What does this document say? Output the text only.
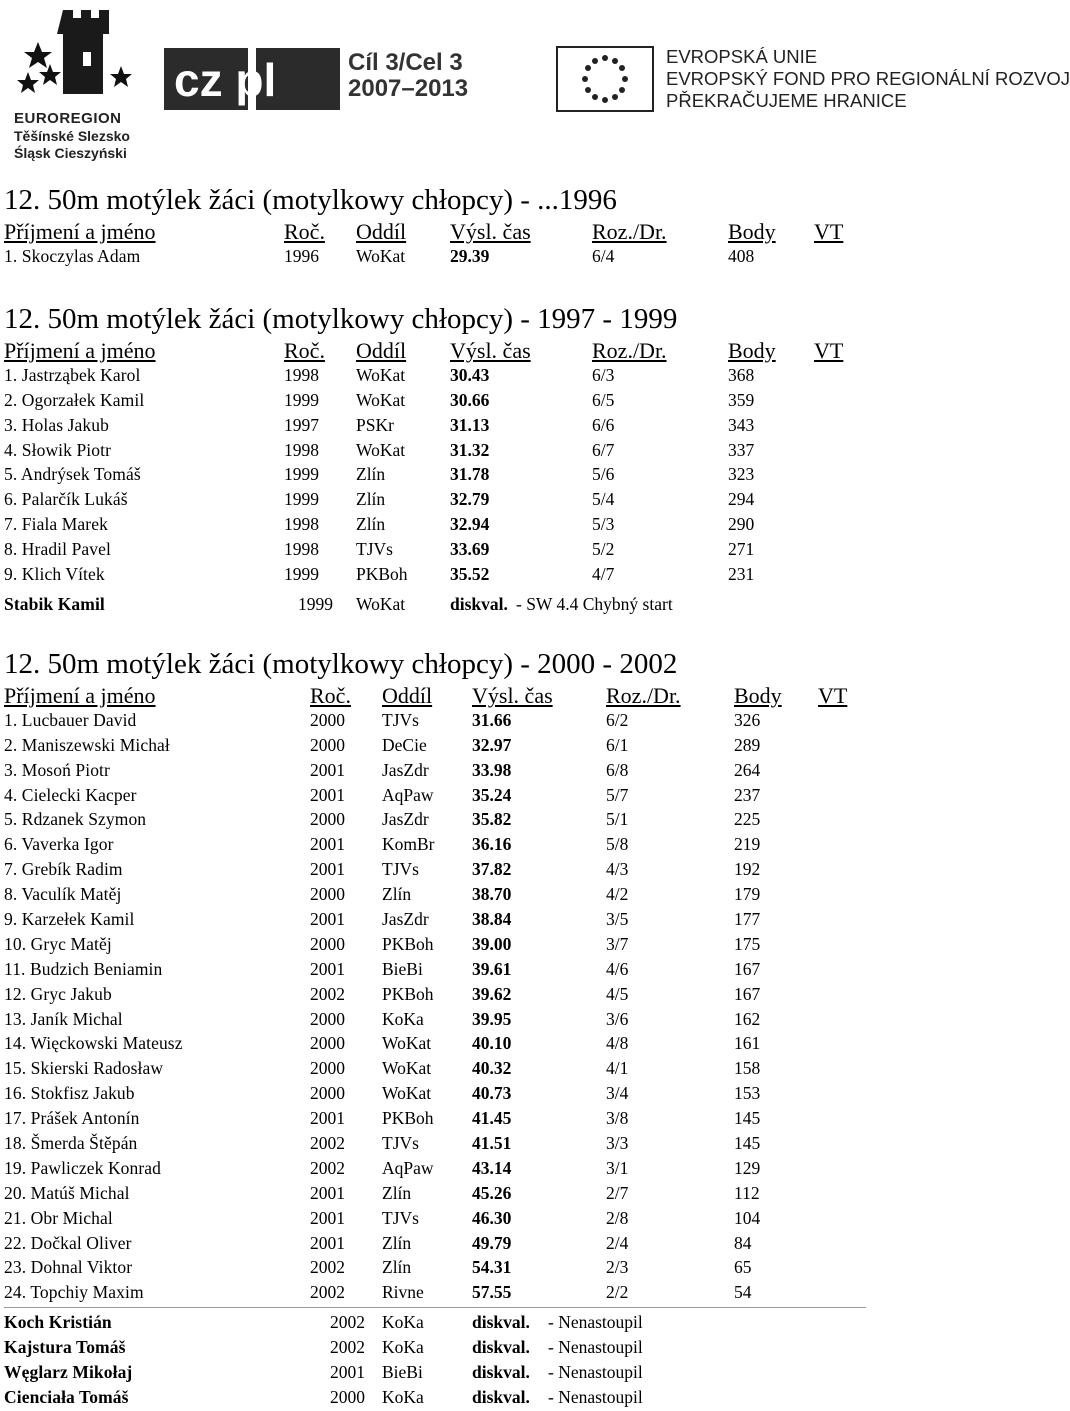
EUROREGION
Těšínské Slezsko
Śląsk Cieszyński
cz pl	Cíl 3/Cel 3
2007–2013
EVROPSKÁ UNIE
EVROPSKÝ FOND PRO REGIONÁLNÍ ROZVOJ
PŘEKRAČUJEME HRANICE
12. 50m motýlek žáci (motylkowy chłopcy) - ...1996
Příjmení a jméno	Roč. Oddíl Výsl. čas	Roz./Dr.	Body VT
1. Skoczylas Adam	1996 WoKat	29.39	6/4	408
12. 50m motýlek žáci (motylkowy chłopcy) - 1997 - 1999
Příjmení a jméno	Roč. Oddíl Výsl. čas	Roz./Dr.	Body VT
1. Jastrząbek Karol	1998 WoKat	30.43	6/3	368
2. Ogorzałek Kamil	1999 WoKat	30.66	6/5	359
3. Holas Jakub	1997 PSKr	31.13	6/6	343
4. Słowik Piotr	1998 WoKat	31.32	6/7	337
5. Andrýsek Tomáš	1999 Zlín	31.78	5/6	323
6. Palarčík Lukáš	1999 Zlín	32.79	5/4	294
7. Fiala Marek	1998 Zlín	32.94	5/3	290
8. Hradil Pavel	1998 TJVs	33.69	5/2	271
9. Klich Vítek	1999 PKBoh 35.52	4/7	231
Stabik Kamil	1999 WoKat	diskval. - SW 4.4 Chybný start
12. 50m motýlek žáci (motylkowy chłopcy) - 2000 - 2002
Příjmení a jméno	Roč. Oddíl Výsl. čas Roz./Dr. Body VT
1. Lucbauer David	2000 TJVs	31.66	6/2	326
2. Maniszewski Michał	2000 DeCie	32.97	6/1	289
3. Mosoń Piotr	2001 JasZdr 33.98	6/8	264
4. Cielecki Kacper	2001 AqPaw 35.24	5/7	237
5. Rdzanek Szymon	2000 JasZdr 35.82	5/1	225
6. Vaverka Igor	2001 KomBr 36.16	5/8	219
7. Grebík Radim	2001 TJVs	37.82	4/3	192
8. Vaculík Matěj	2000 Zlín	38.70	4/2	179
9. Karzełek Kamil	2001 JasZdr 38.84	3/5	177
10. Gryc Matěj	2000 PKBoh 39.00	3/7	175
11. Budzich Beniamin	2001 BieBi	39.61	4/6	167
12. Gryc Jakub	2002 PKBoh 39.62	4/5	167
13. Janík Michal	2000 KoKa	39.95	3/6	162
14. Więckowski Mateusz	2000 WoKat 40.10	4/8	161
15. Skierski Radosław	2000 WoKat 40.32	4/1	158
16. Stokfisz Jakub	2000 WoKat 40.73	3/4	153
17. Prášek Antonín	2001 PKBoh 41.45	3/8	145
18. Šmerda Štěpán	2002 TJVs	41.51	3/3	145
19. Pawliczek Konrad	2002 AqPaw 43.14	3/1	129
20. Matúš Michal	2001 Zlín	45.26	2/7	112
21. Obr Michal	2001 TJVs	46.30	2/8	104
22. Dočkal Oliver	2001 Zlín	49.79	2/4	84
23. Dohnal Viktor	2002 Zlín	54.31	2/3	65
24. Topchiy Maxim	2002 Rivne	57.55	2/2	54
Koch Kristián	2002 KoKa	diskval. - Nenastoupil
Kajstura Tomáš	2002 KoKa	diskval. - Nenastoupil
Węglarz Mikołaj	2001 BieBi	diskval. - Nenastoupil
Cienciała Tomáš	2000 KoKa	diskval. - Nenastoupil
